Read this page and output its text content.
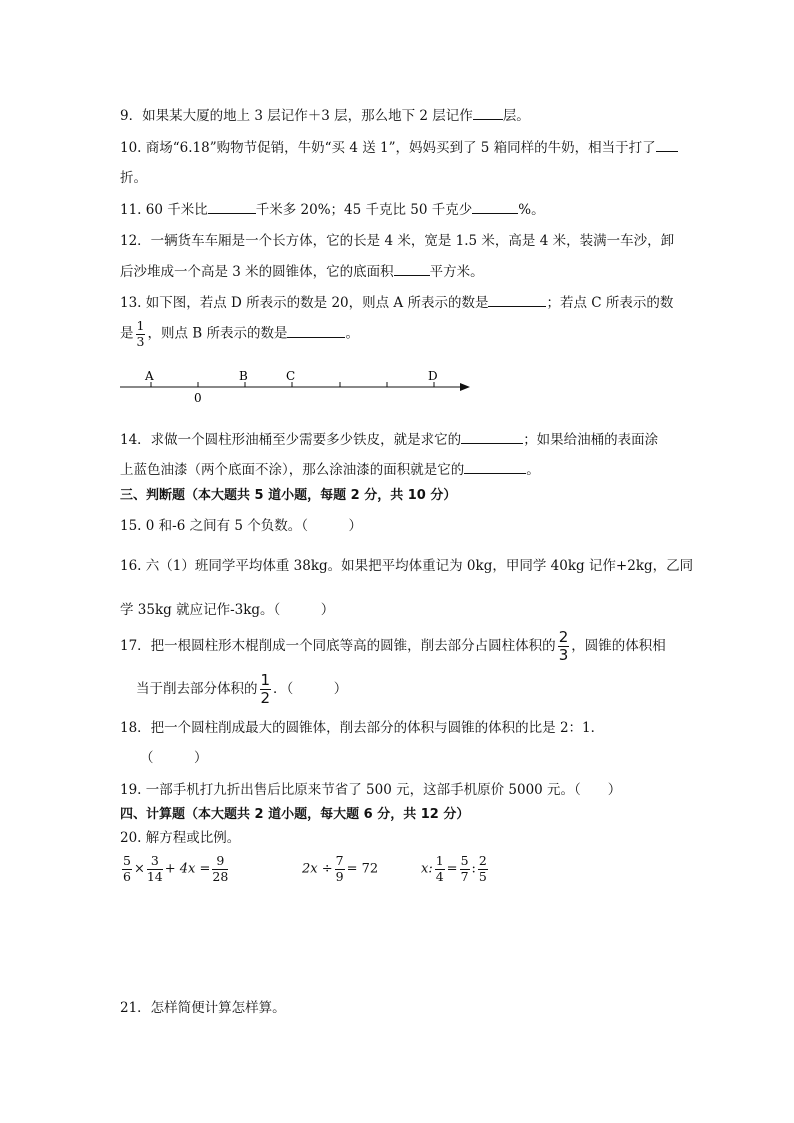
9．如果某大厦的地上 3 层记作＋3 层，那么地下 2 层记作 层。
10. 商场“6.18”购物节促销，牛奶“买 4 送 1”，妈妈买到了 5 箱同样的牛奶，相当于打了
折。
11. 60 千米比	千米多 20%；45 千克比 50 千克少	%。
12．一辆货车车厢是一个长方体，它的长是 4 米，宽是 1.5 米，高是 4 米，装满一车沙，卸
后沙堆成一个高是 3 米的圆锥体，它的底面积	平方米。
13. 如下图，若点 D 所表示的数是 20，则点 A 所表示的数是	；若点 C 所表示的数
是 $\frac{1}{3}$ ，则点 B 所表示的数是	。
A	B	C	D
0
14．求做一个圆柱形油桶至少需要多少铁皮，就是求它的	；如果给油桶的表面涂
上蓝色油漆（两个底面不涂），那么涂油漆的面积就是它的	。
三、判断题（本大题共 5 道小题，每题 2 分，共 10 分）
15. 0 和-6 之间有 5 个负数。（　　　）
16. 六（1）班同学平均体重 38kg。如果把平均体重记为 0kg，甲同学 40kg 记作+2kg，乙同
学 35kg 就应记作-3kg。（　　　）
17．把一根圆柱形木棍削成一个同底等高的圆锥，削去部分占圆柱体积的 $\frac{2}{3}$ ，圆锥的体积相
当于削去部分体积的 $\frac{1}{2}$ ．（　　　）
18．把一个圆柱削成最大的圆锥体，削去部分的体积与圆锥的体积的比是 2：1．
（　　　）
19. 一部手机打九折出售后比原来节省了 500 元，这部手机原价 5000 元。（　　）
四、计算题（本大题共 2 道小题，每大题 6 分，共 12 分）
20. 解方程或比例。
$\frac{5}{6} \times \frac{3}{14} + 4x = \frac{9}{28}$	$2x \div \frac{7}{9} = 72$	x: $\frac{1}{4} = \frac{5}{7}$ : $\frac{2}{5}$
21．怎样简便计算怎样算。
